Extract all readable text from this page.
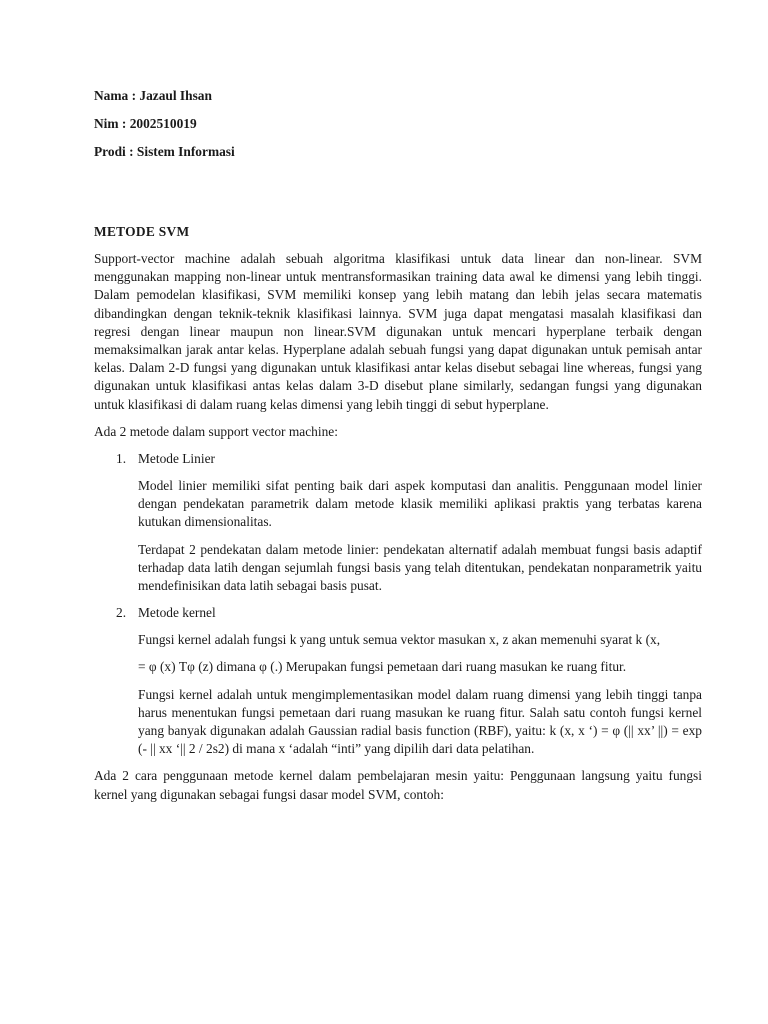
Nama : Jazaul Ihsan
Nim : 2002510019
Prodi : Sistem Informasi
METODE SVM

Support-vector machine adalah sebuah algoritma klasifikasi untuk data linear dan non-linear. SVM menggunakan mapping non-linear untuk mentransformasikan training data awal ke dimensi yang lebih tinggi. Dalam pemodelan klasifikasi, SVM memiliki konsep yang lebih matang dan lebih jelas secara matematis dibandingkan dengan teknik-teknik klasifikasi lainnya. SVM juga dapat mengatasi masalah klasifikasi dan regresi dengan linear maupun non linear.SVM digunakan untuk mencari hyperplane terbaik dengan memaksimalkan jarak antar kelas. Hyperplane adalah sebuah fungsi yang dapat digunakan untuk pemisah antar kelas. Dalam 2-D fungsi yang digunakan untuk klasifikasi antar kelas disebut sebagai line whereas, fungsi yang digunakan untuk klasifikasi antas kelas dalam 3-D disebut plane similarly, sedangan fungsi yang digunakan untuk klasifikasi di dalam ruang kelas dimensi yang lebih tinggi di sebut hyperplane.

Ada 2 metode dalam support vector machine:

1. Metode Linier

Model linier memiliki sifat penting baik dari aspek komputasi dan analitis. Penggunaan model linier dengan pendekatan parametrik dalam metode klasik memiliki aplikasi praktis yang terbatas karena kutukan dimensionalitas.

Terdapat 2 pendekatan dalam metode linier: pendekatan alternatif adalah membuat fungsi basis adaptif terhadap data latih dengan sejumlah fungsi basis yang telah ditentukan, pendekatan nonparametrik yaitu mendefinisikan data latih sebagai basis pusat.

2. Metode kernel

Fungsi kernel adalah fungsi k yang untuk semua vektor masukan x, z akan memenuhi syarat k (x,

= φ (x) Tφ (z) dimana φ (.) Merupakan fungsi pemetaan dari ruang masukan ke ruang fitur.

Fungsi kernel adalah untuk mengimplementasikan model dalam ruang dimensi yang lebih tinggi tanpa harus menentukan fungsi pemetaan dari ruang masukan ke ruang fitur. Salah satu contoh fungsi kernel yang banyak digunakan adalah Gaussian radial basis function (RBF), yaitu: k (x, x ‘) = φ (|| xx’ ||) = exp (- || xx ‘|| 2 / 2s2) di mana x ‘adalah “inti” yang dipilih dari data pelatihan.

Ada 2 cara penggunaan metode kernel dalam pembelajaran mesin yaitu: Penggunaan langsung yaitu fungsi kernel yang digunakan sebagai fungsi dasar model SVM, contoh:
